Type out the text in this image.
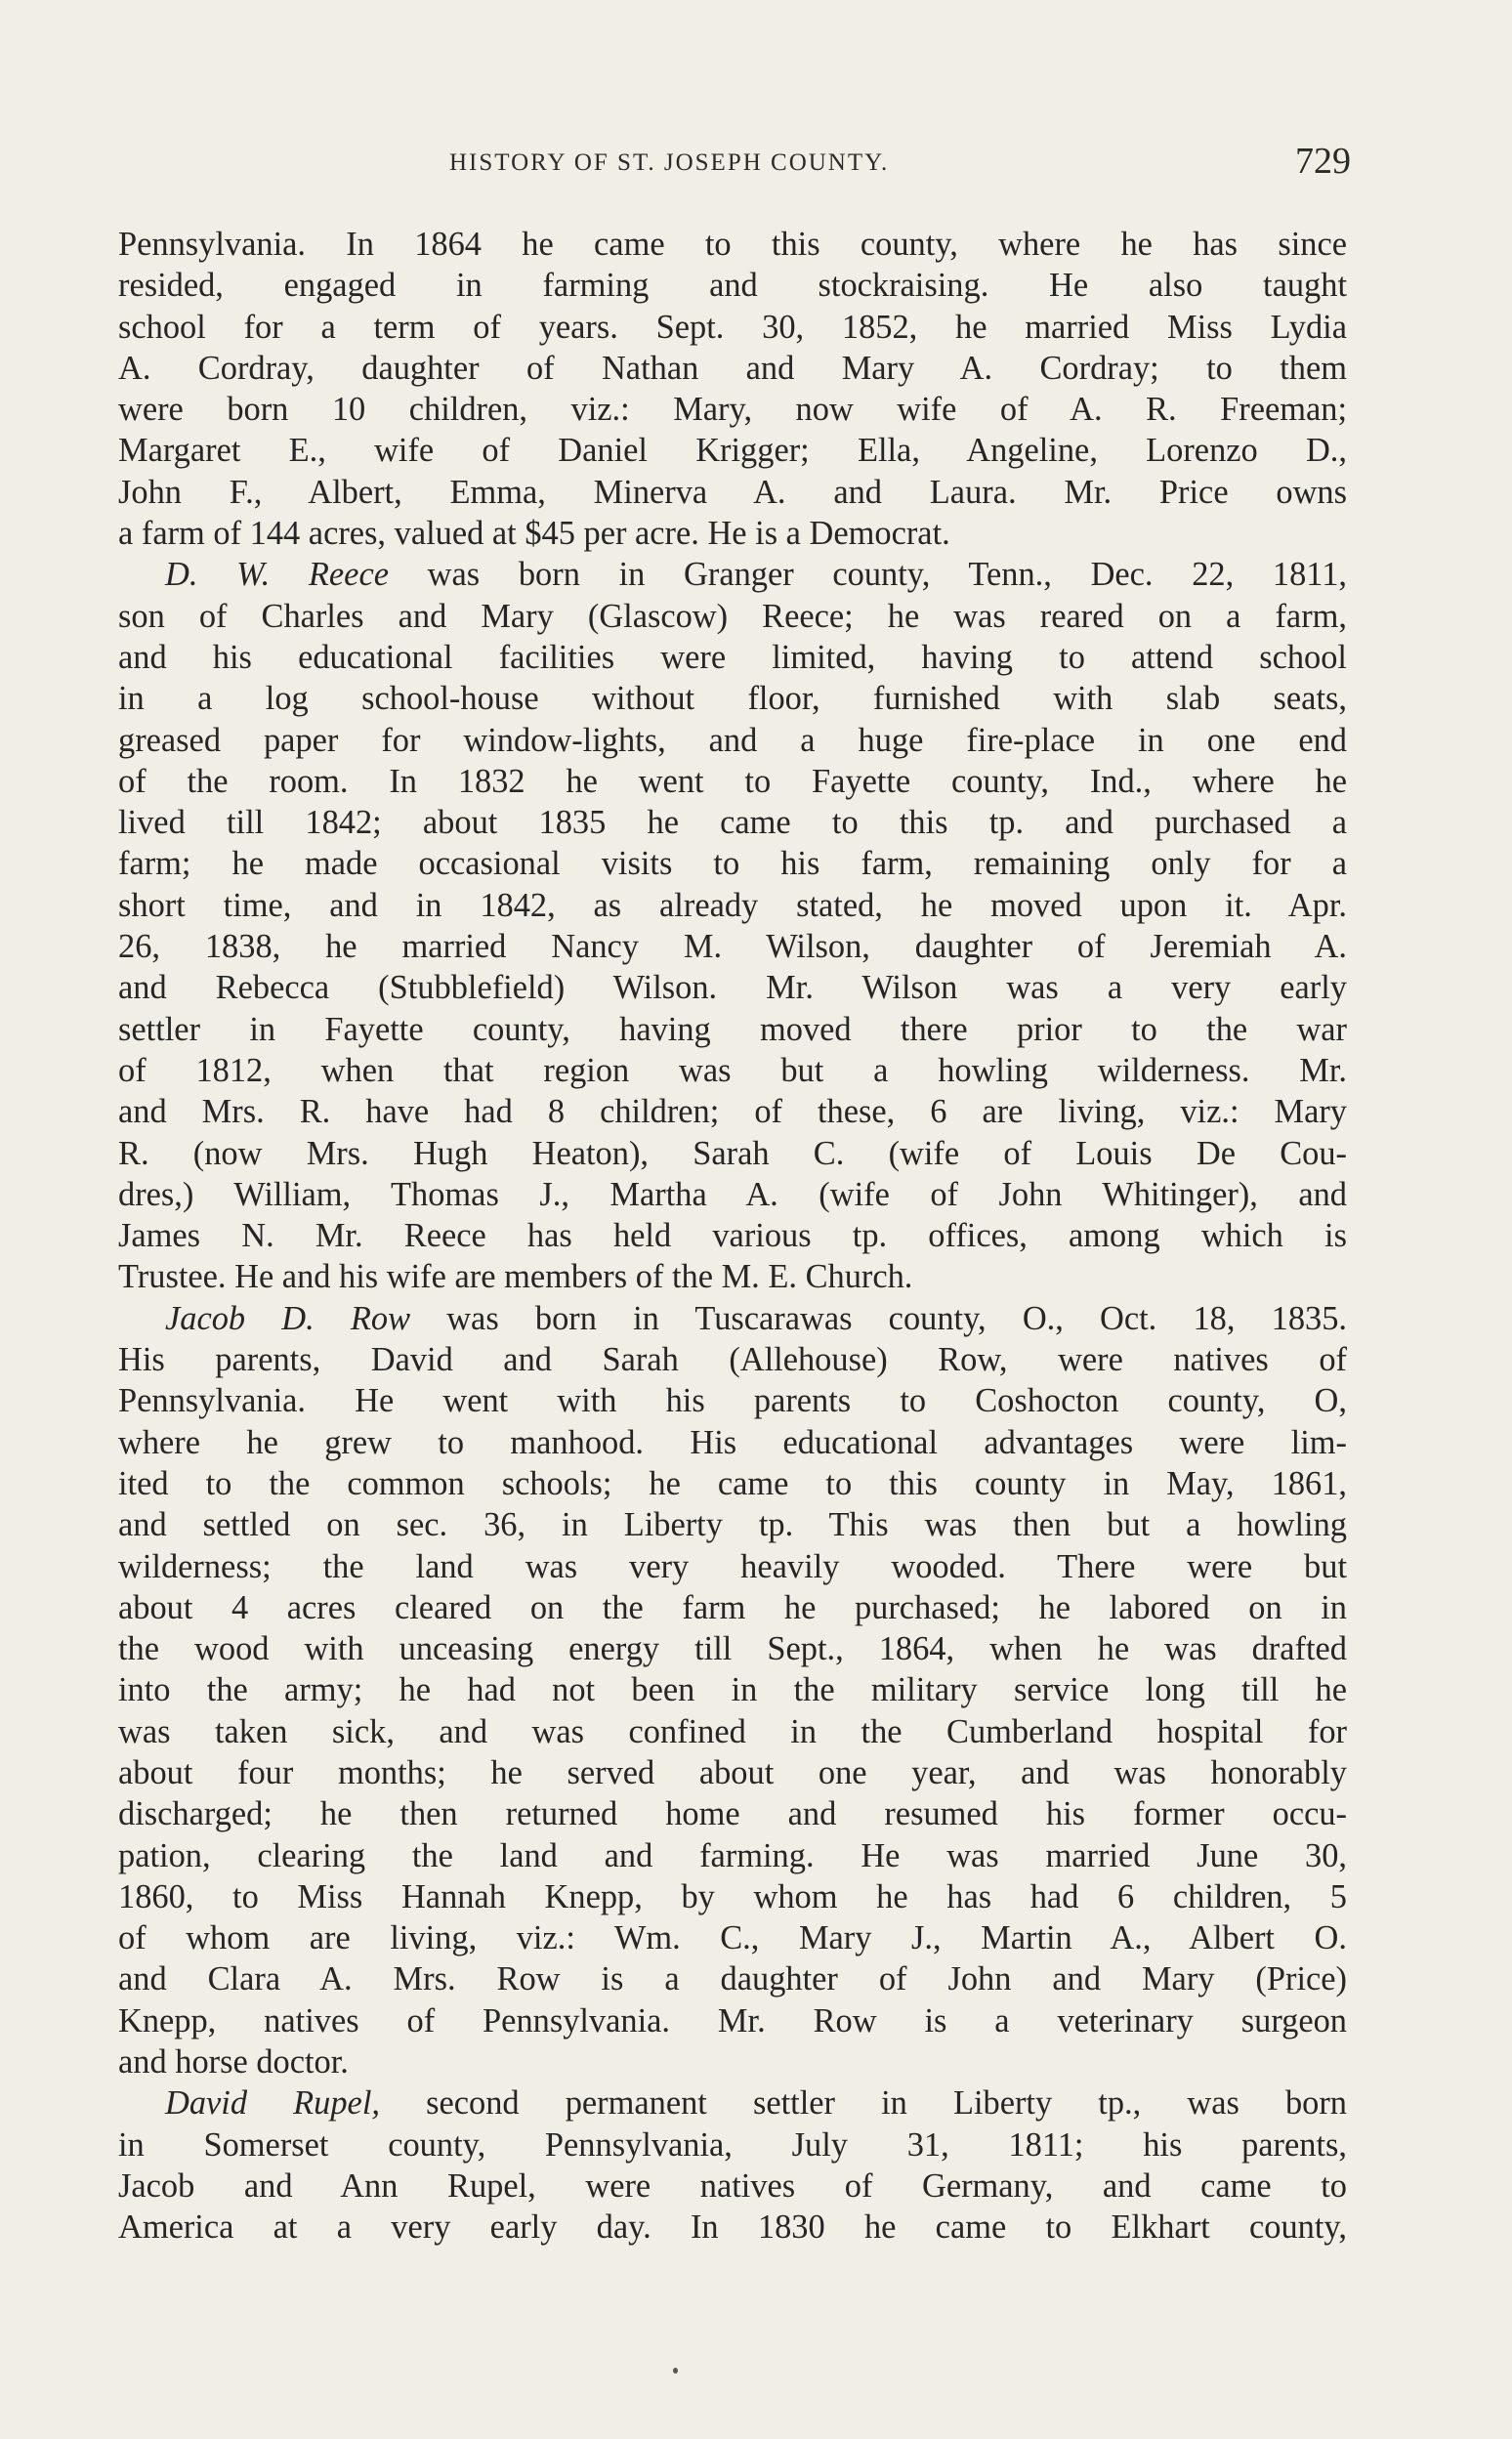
HISTORY OF ST. JOSEPH COUNTY.	729

Pennsylvania. In 1864 he came to this county, where he has since

resided, engaged in farming and stockraising. He also taught

school for a term of years. Sept. 30, 1852, he married Miss Lydia

A. Cordray, daughter of Nathan and Mary A. Cordray; to them

were born 10 children, viz.: Mary, now wife of A. R. Freeman;

Margaret E., wife of Daniel Krigger; Ella, Angeline, Lorenzo D.,

John F., Albert, Emma, Minerva A. and Laura. Mr. Price owns

a farm of 144 acres, valued at $45 per acre. He is a Democrat.

D. W. Reece was born in Granger county, Tenn., Dec. 22, 1811,

son of Charles and Mary (Glascow) Reece; he was reared on a farm,

and his educational facilities were limited, having to attend school

in a log school-house without floor, furnished with slab seats,

greased paper for window-lights, and a huge fire-place in one end

of the room. In 1832 he went to Fayette county, Ind., where he

lived till 1842; about 1835 he came to this tp. and purchased a

farm; he made occasional visits to his farm, remaining only for a

short time, and in 1842, as already stated, he moved upon it. Apr.

26, 1838, he married Nancy M. Wilson, daughter of Jeremiah A.

and Rebecca (Stubblefield) Wilson. Mr. Wilson was a very early

settler in Fayette county, having moved there prior to the war

of 1812, when that region was but a howling wilderness. Mr.

and Mrs. R. have had 8 children; of these, 6 are living, viz.: Mary

R. (now Mrs. Hugh Heaton), Sarah C. (wife of Louis De Cou-

dres,) William, Thomas J., Martha A. (wife of John Whitinger), and

James N. Mr. Reece has held various tp. offices, among which is

Trustee. He and his wife are members of the M. E. Church.

Jacob D. Row was born in Tuscarawas county, O., Oct. 18, 1835.

His parents, David and Sarah (Allehouse) Row, were natives of

Pennsylvania. He went with his parents to Coshocton county, O,

where he grew to manhood. His educational advantages were lim-

ited to the common schools; he came to this county in May, 1861,

and settled on sec. 36, in Liberty tp. This was then but a howling

wilderness; the land was very heavily wooded. There were but

about 4 acres cleared on the farm he purchased; he labored on in

the wood with unceasing energy till Sept., 1864, when he was drafted

into the army; he had not been in the military service long till he

was taken sick, and was confined in the Cumberland hospital for

about four months; he served about one year, and was honorably

discharged; he then returned home and resumed his former occu-

pation, clearing the land and farming. He was married June 30,

1860, to Miss Hannah Knepp, by whom he has had 6 children, 5

of whom are living, viz.: Wm. C., Mary J., Martin A., Albert O.

and Clara A. Mrs. Row is a daughter of John and Mary (Price)

Knepp, natives of Pennsylvania. Mr. Row is a veterinary surgeon

and horse doctor.

David Rupel, second permanent settler in Liberty tp., was born

in Somerset county, Pennsylvania, July 31, 1811; his parents,

Jacob and Ann Rupel, were natives of Germany, and came to

America at a very early day. In 1830 he came to Elkhart county,
